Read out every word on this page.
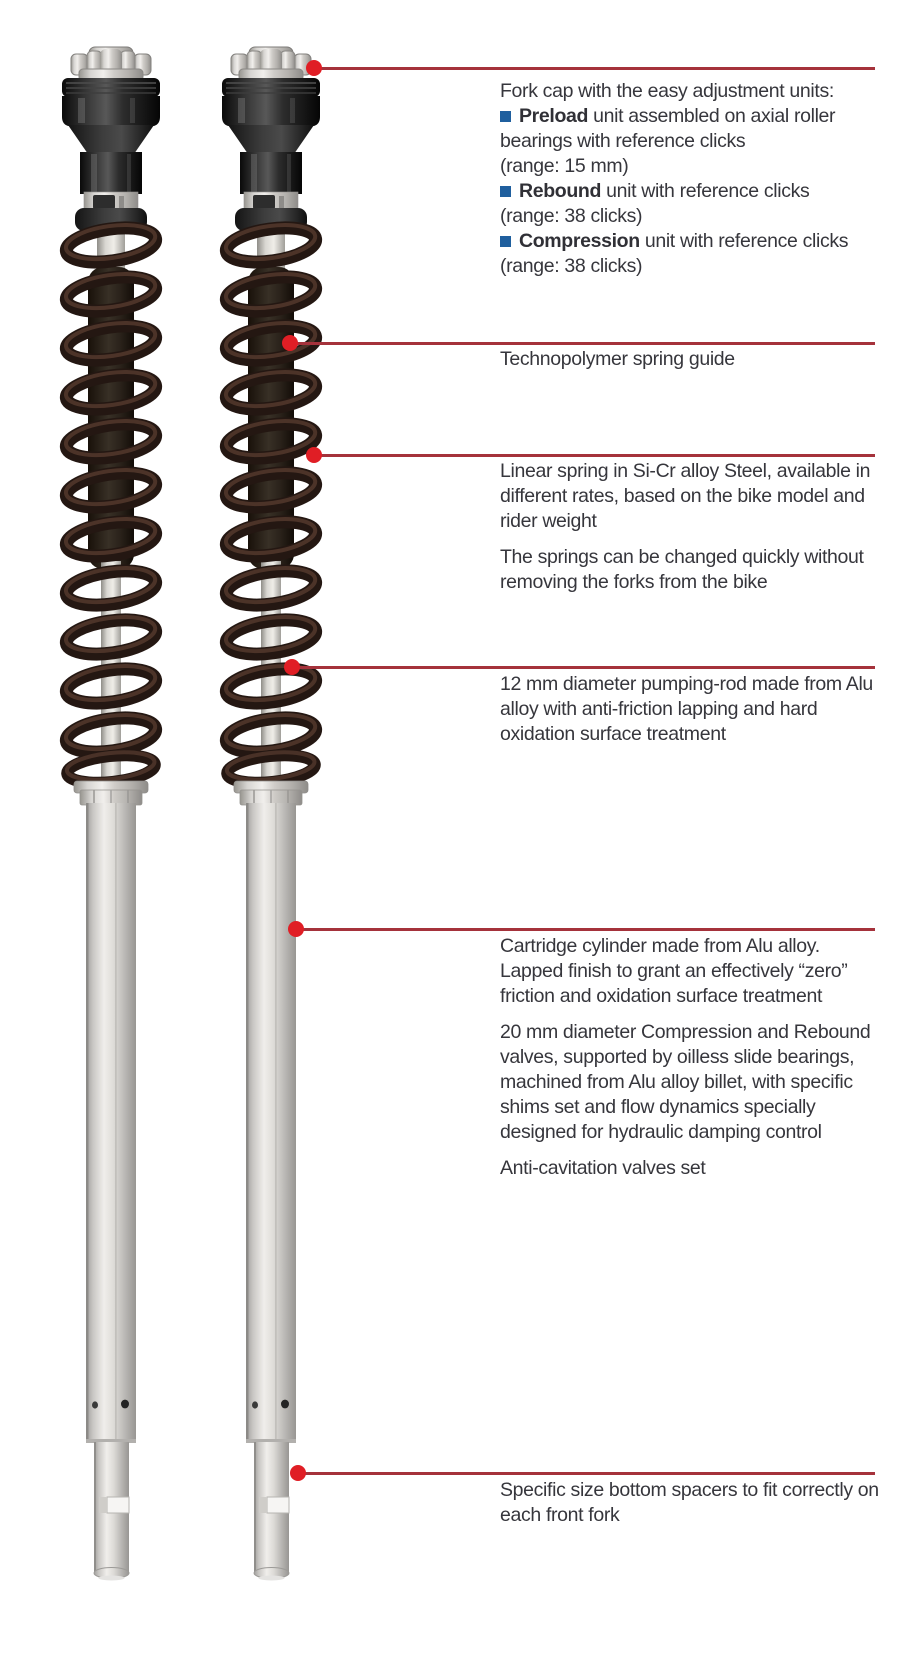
Fork cap with the easy adjustment units:
Preload unit assembled on axial roller bearings with reference clicks
(range: 15 mm)
Rebound unit with reference clicks
(range: 38 clicks)
Compression unit with reference clicks
(range: 38 clicks)
Technopolymer spring guide
Linear spring in Si-Cr alloy Steel, available in different rates, based on the bike model and rider weight
The springs can be changed quickly without removing the forks from the bike
12 mm diameter pumping-rod made from Alu alloy with anti-friction lapping and hard oxidation surface treatment
Cartridge cylinder made from Alu alloy. Lapped finish to grant an effectively “zero” friction and oxidation surface treatment
20 mm diameter Compression and Rebound valves, supported by oilless slide bearings, machined from Alu alloy billet, with specific shims set and flow dynamics specially designed for hydraulic damping control
Anti-cavitation valves set
Specific size bottom spacers to fit correctly on each front fork
